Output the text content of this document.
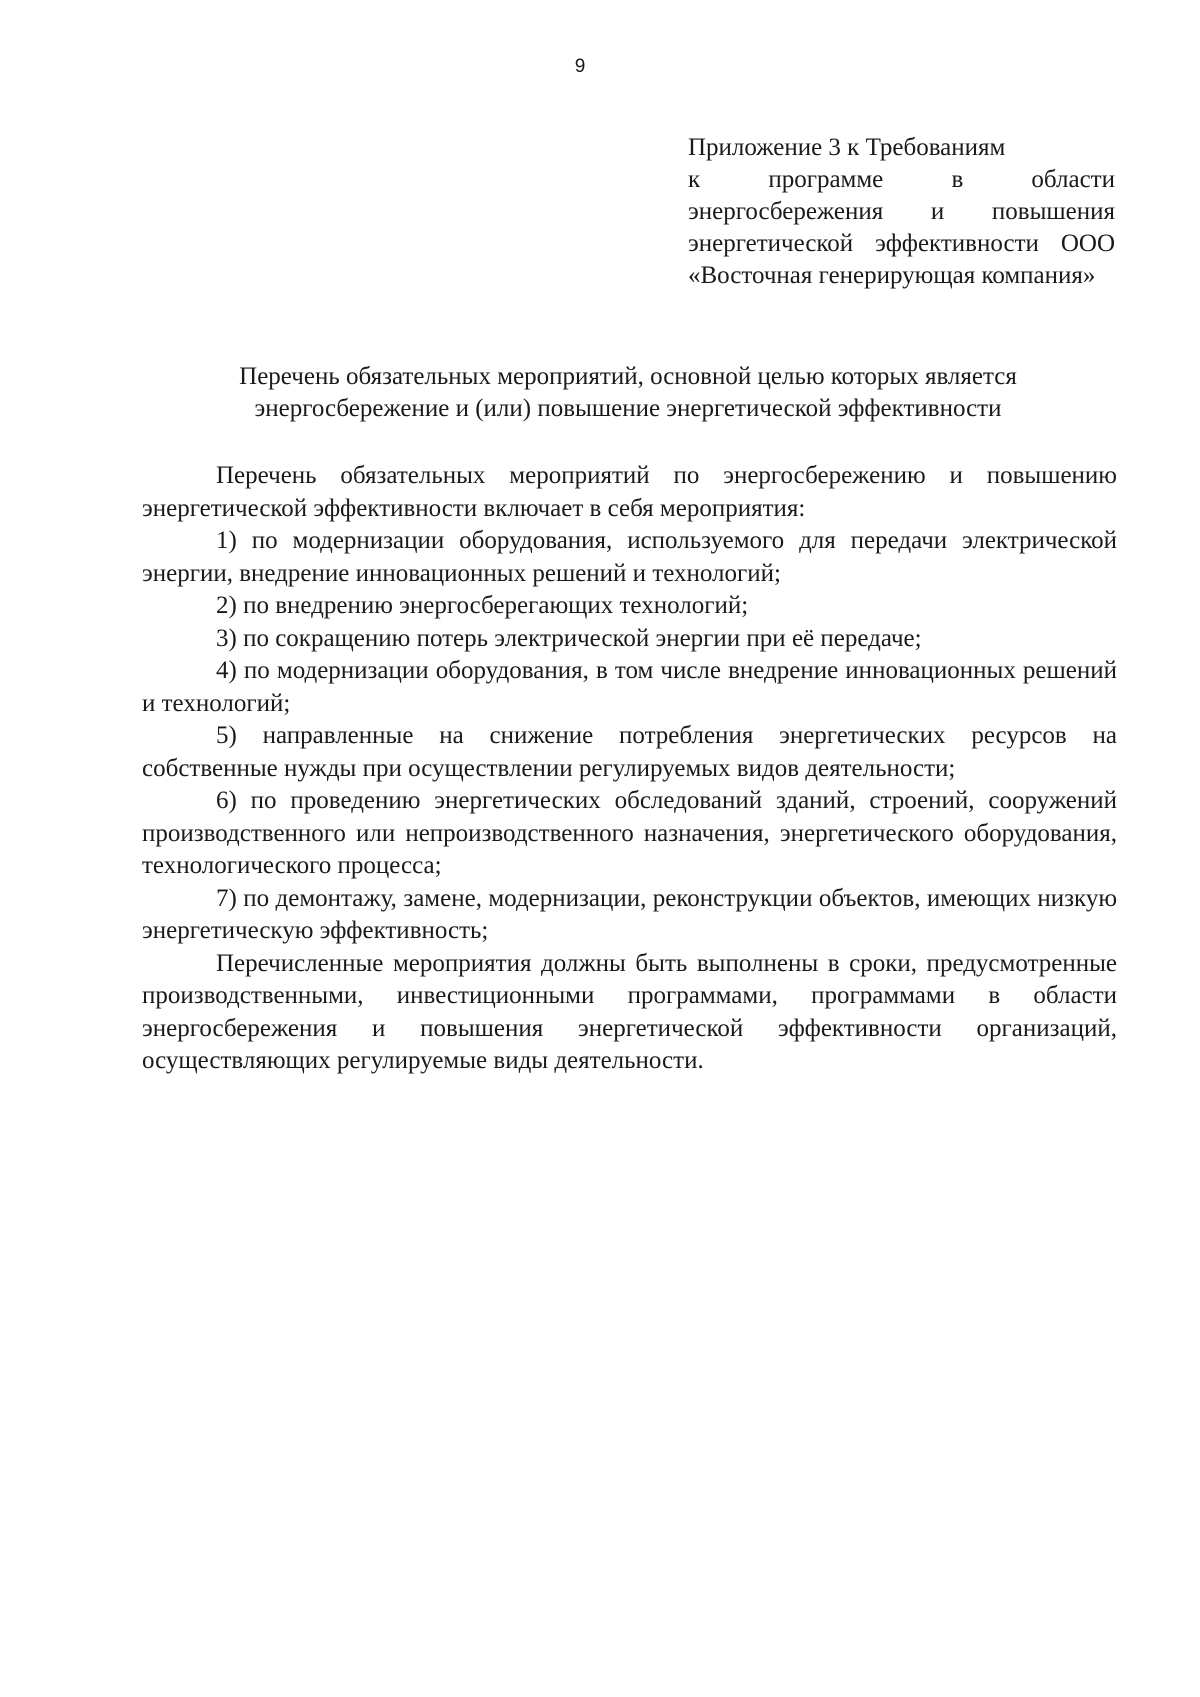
9
Приложение 3 к Требованиям
к программе в области энергосбережения и повышения энергетической эффективности ООО «Восточная генерирующая компания»
Перечень обязательных мероприятий, основной целью которых является
энергосбережение и (или) повышение энергетической эффективности

Перечень обязательных мероприятий по энергосбережению и повышению энергетической эффективности включает в себя мероприятия:

1) по модернизации оборудования, используемого для передачи электрической энергии, внедрение инновационных решений и технологий;

2) по внедрению энергосберегающих технологий;

3) по сокращению потерь электрической энергии при её передаче;

4) по модернизации оборудования, в том числе внедрение инновационных решений и технологий;

5) направленные на снижение потребления энергетических ресурсов на собственные нужды при осуществлении регулируемых видов деятельности;

6) по проведению энергетических обследований зданий, строений, сооружений производственного или непроизводственного назначения, энергетического оборудования, технологического процесса;

7) по демонтажу, замене, модернизации, реконструкции объектов, имеющих низкую энергетическую эффективность;

Перечисленные мероприятия должны быть выполнены в сроки, предусмотренные производственными, инвестиционными программами, программами в области энергосбережения и повышения энергетической эффективности организаций, осуществляющих регулируемые виды деятельности.
